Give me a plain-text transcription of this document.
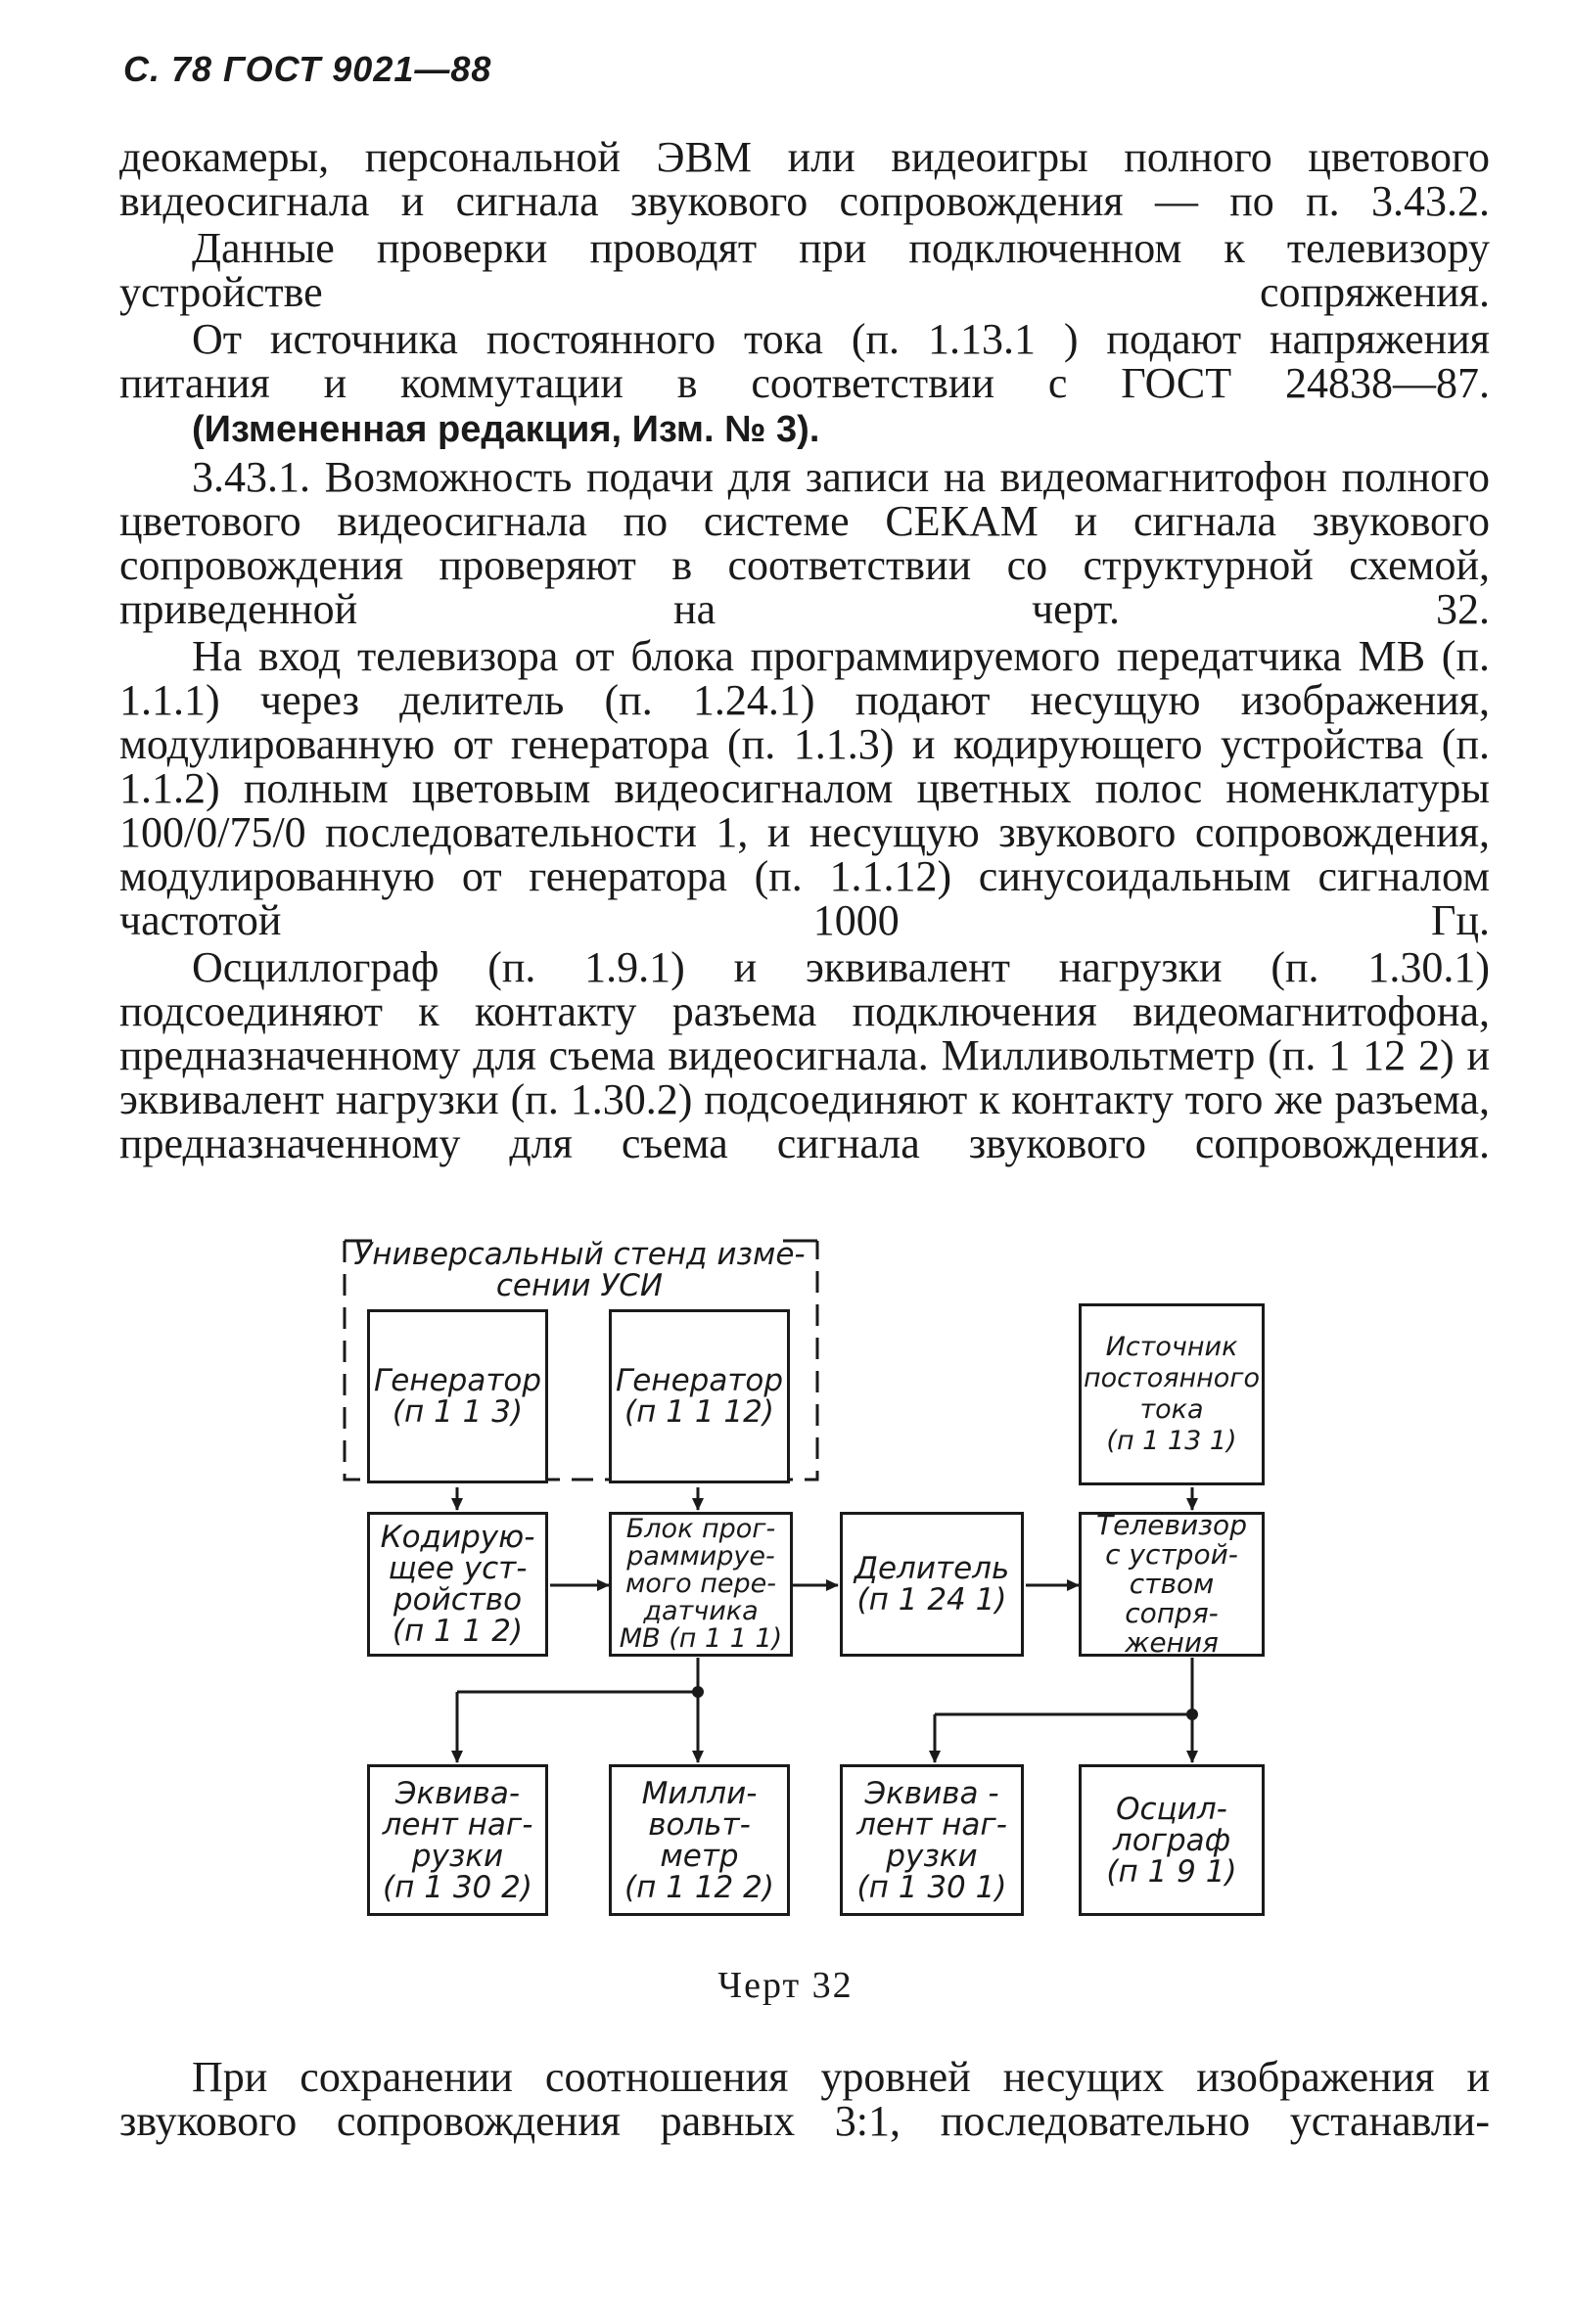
С. 78 ГОСТ 9021—88

деокамеры, персональной ЭВМ или видеоигры полного цветового видеосигнала и сигнала звукового сопровождения — по п. 3.43.2.

Данные проверки проводят при подключенном к телевизору устройстве сопряжения.

От источника постоянного тока (п. 1.13.1 ) подают напряжения питания и коммутации в соответствии с ГОСТ 24838—87.

(Измененная редакция, Изм. № 3).

3.43.1. Возможность подачи для записи на видеомагнитофон полного цветового видеосигнала по системе СЕКАМ и сигнала звукового сопровождения проверяют в соответствии со структурной схемой, приведенной на черт. 32.

На вход телевизора от блока программируемого передатчика МВ (п. 1.1.1) через делитель (п. 1.24.1) подают несущую изображения, модулированную от генератора (п. 1.1.3) и кодирующего устройства (п. 1.1.2) полным цветовым видеосигналом цветных полос номенклатуры 100/0/75/0 последовательности 1, и несущую звукового сопровождения, модулированную от генератора (п. 1.1.12) синусоидальным сигналом частотой 1000 Гц.

Осциллограф (п. 1.9.1) и эквивалент нагрузки (п. 1.30.1) подсоединяют к контакту разъема подключения видеомагнитофона, предназначенному для съема видеосигнала. Милливольтметр (п. 1 12 2) и эквивалент нагрузки (п. 1.30.2) подсоединяют к контакту того же разъема, предназначенному для съема сигнала звукового сопровождения.

Универсальный стенд изме-
сении УСИ
Генератор
(п 1 1 3)
Генератор
(п 1 1 12)
Источник
постоянного
тока
(п 1 13 1)
Кодирую-
щее уст-
ройство
(п 1 1 2)
Блок прог-
раммируе-
мого пере-
датчика
МВ (п 1 1 1)
Делитель
(п 1 24 1)
Телевизор
с устрой-
ством сопря-
жения
Эквива-
лент наг-
рузки
(п 1 30 2)
Милли-
вольт-
метр
(п 1 12 2)
Эквива -
лент наг-
рузки
(п 1 30 1)
Осцил-
лограф
(п 1 9 1)
Черт 32

При сохранении соотношения уровней несущих изображения и звукового сопровождения равных 3:1, последовательно устанавли-
